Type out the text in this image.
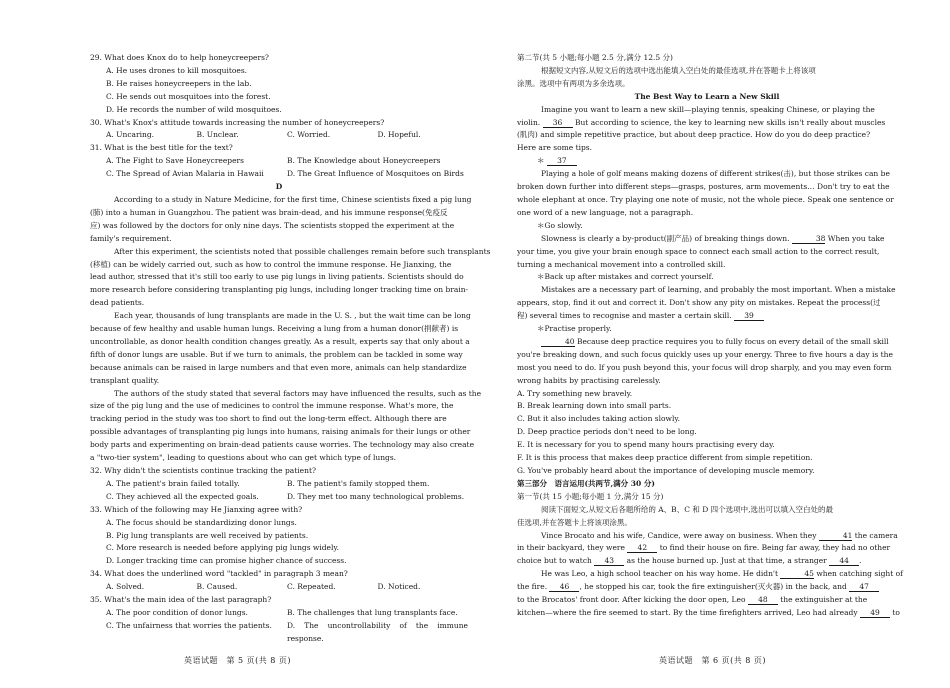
29. What does Knox do to help honeycreepers?
A. He uses drones to kill mosquitoes.
B. He raises honeycreepers in the lab.
C. He sends out mosquitoes into the forest.
D. He records the number of wild mosquitoes.
30. What's Knox's attitude towards increasing the number of honeycreepers?
A. Uncaring.	B. Unclear.	C. Worried.	D. Hopeful.
31. What is the best title for the text?
A. The Fight to Save Honeycreepers	B. The Knowledge about Honeycreepers
C. The Spread of Avian Malaria in Hawaii	D. The Great Influence of Mosquitoes on Birds
D
According to a study in Nature Medicine, for the first time, Chinese scientists fixed a pig lung
(肺) into a human in Guangzhou. The patient was brain-dead, and his immune response(免疫反
应) was followed by the doctors for only nine days. The scientists stopped the experiment at the
family's requirement.
After this experiment, the scientists noted that possible challenges remain before such transplants
(移植) can be widely carried out, such as how to control the immune response. He Jianxing, the
lead author, stressed that it's still too early to use pig lungs in living patients. Scientists should do
more research before considering transplanting pig lungs, including longer tracking time on brain-
dead patients.
Each year, thousands of lung transplants are made in the U. S. , but the wait time can be long
because of few healthy and usable human lungs. Receiving a lung from a human donor(捐献者) is
uncontrollable, as donor health condition changes greatly. As a result, experts say that only about a
fifth of donor lungs are usable. But if we turn to animals, the problem can be tackled in some way
because animals can be raised in large numbers and that even more, animals can help standardize
transplant quality.
The authors of the study stated that several factors may have influenced the results, such as the
size of the pig lung and the use of medicines to control the immune response. What's more, the
tracking period in the study was too short to find out the long-term effect. Although there are
possible advantages of transplanting pig lungs into humans, raising animals for their lungs or other
body parts and experimenting on brain-dead patients cause worries. The technology may also create
a "two-tier system", leading to questions about who can get which type of lungs.
32. Why didn't the scientists continue tracking the patient?
A. The patient's brain failed totally.	B. The patient's family stopped them.
C. They achieved all the expected goals.	D. They met too many technological problems.
33. Which of the following may He Jianxing agree with?
A. The focus should be standardizing donor lungs.
B. Pig lung transplants are well received by patients.
C. More research is needed before applying pig lungs widely.
D. Longer tracking time can promise higher chance of success.
34. What does the underlined word "tackled" in paragraph 3 mean?
A. Solved.	B. Caused.	C. Repeated.	D. Noticed.
35. What's the main idea of the last paragraph?
A. The poor condition of donor lungs.	B. The challenges that lung transplants face.
C. The unfairness that worries the patients.	D. The uncontrollability of the immune response.
英语试题　第 5 页(共 8 页)
第二节(共 5 小题;每小题 2.5 分,满分 12.5 分)
根据短文内容,从短文后的选项中选出能填入空白处的最佳选项,并在答题卡上将该项
涂黑。选项中有两项为多余选项。
The Best Way to Learn a New Skill
Imagine you want to learn a new skill—playing tennis, speaking Chinese, or playing the
violin. 36 But according to science, the key to learning new skills isn't really about muscles
(肌肉) and simple repetitive practice, but about deep practice. How do you do deep practice?
Here are some tips.
＊ 37
Playing a hole of golf means making dozens of different strikes(击), but those strikes can be
broken down further into different steps—grasps, postures, arm movements… Don't try to eat the
whole elephant at once. Try playing one note of music, not the whole piece. Speak one sentence or
one word of a new language, not a paragraph.
＊Go slowly.
Slowness is clearly a by-product(副产品) of breaking things down.	38 When you take
your time, you give your brain enough space to connect each small action to the correct result,
turning a mechanical movement into a controlled skill.
＊Back up after mistakes and correct yourself.
Mistakes are a necessary part of learning, and probably the most important. When a mistake
appears, stop, find it out and correct it. Don't show any pity on mistakes. Repeat the process(过
程) several times to recognise and master a certain skill. 39
＊Practise properly.
40 Because deep practice requires you to fully focus on every detail of the small skill
you're breaking down, and such focus quickly uses up your energy. Three to five hours a day is the
most you need to do. If you push beyond this, your focus will drop sharply, and you may even form
wrong habits by practising carelessly.
A. Try something new bravely.
B. Break learning down into small parts.
C. But it also includes taking action slowly.
D. Deep practice periods don't need to be long.
E. It is necessary for you to spend many hours practising every day.
F. It is this process that makes deep practice different from simple repetition.
G. You've probably heard about the importance of developing muscle memory.
第三部分　语言运用(共两节,满分 30 分)
第一节(共 15 小题;每小题 1 分,满分 15 分)
阅读下面短文,从短文后各题所给的 A、B、C 和 D 四个选项中,选出可以填入空白处的最
佳选项,并在答题卡上将该项涂黑。
Vince Brocato and his wife, Candice, were away on business. When they	41 the camera
in their backyard, they were 42 to find their house on fire. Being far away, they had no other
choice but to watch 43 as the house burned up. Just at that time, a stranger 44 .
He was Leo, a high school teacher on his way home. He didn't	45 when catching sight of
the fire. 46 , he stopped his car, took the fire extinguisher(灭火器) in the back, and 47
to the Brocatos' front door. After kicking the door open, Leo 48 the extinguisher at the
kitchen—where the fire seemed to start. By the time firefighters arrived, Leo had already 49 to
英语试题　第 6 页(共 8 页)
